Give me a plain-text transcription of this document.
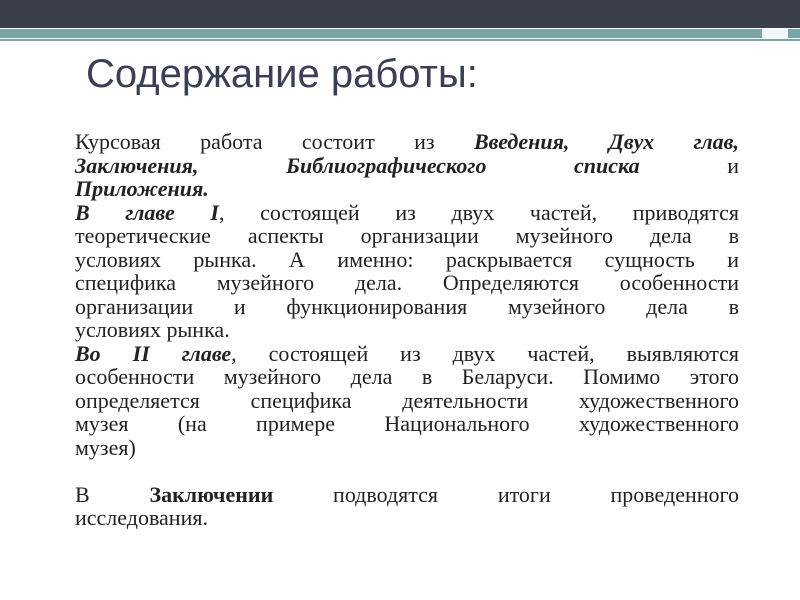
Содержание работы:

Курсовая работа состоит из Введения, Двух глав,

Заключения, Библиографического списка и

Приложения.

В главе I, состоящей из двух частей, приводятся

теоретические аспекты организации музейного дела в

условиях рынка. А именно: раскрывается сущность и

специфика музейного дела. Определяются особенности

организации и функционирования музейного дела в

условиях рынка.

Во II главе, состоящей из двух частей, выявляются

особенности музейного дела в Беларуси. Помимо этого

определяется специфика деятельности художественного

музея (на примере Национального художественного

музея)

В Заключении подводятся итоги проведенного

исследования.
